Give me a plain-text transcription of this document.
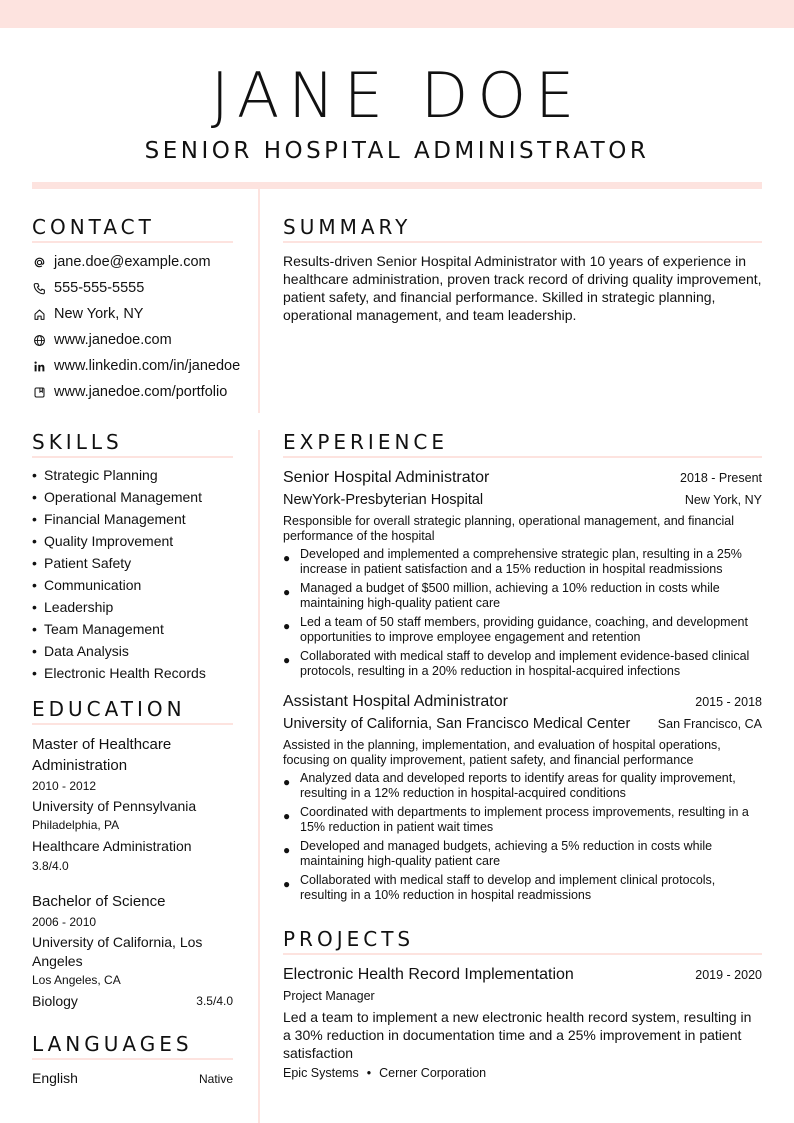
JANE DOE
SENIOR HOSPITAL ADMINISTRATOR
CONTACT
jane.doe@example.com
555-555-5555
New York, NY
www.janedoe.com
www.linkedin.com/in/janedoe
www.janedoe.com/portfolio
SUMMARY
Results-driven Senior Hospital Administrator with 10 years of experience in healthcare administration, proven track record of driving quality improvement, patient safety, and financial performance. Skilled in strategic planning, operational management, and team leadership.
SKILLS
• Strategic Planning
• Operational Management
• Financial Management
• Quality Improvement
• Patient Safety
• Communication
• Leadership
• Team Management
• Data Analysis
• Electronic Health Records
EDUCATION
Master of Healthcare Administration
2010 - 2012
University of Pennsylvania
Philadelphia, PA
Healthcare Administration
3.8/4.0
Bachelor of Science
2006 - 2010
University of California, Los Angeles
Los Angeles, CA
Biology	3.5/4.0
LANGUAGES
English	Native
EXPERIENCE
Senior Hospital Administrator	2018 - Present
NewYork-Presbyterian Hospital	New York, NY
Responsible for overall strategic planning, operational management, and financial performance of the hospital
● Developed and implemented a comprehensive strategic plan, resulting in a 25% increase in patient satisfaction and a 15% reduction in hospital readmissions
● Managed a budget of $500 million, achieving a 10% reduction in costs while maintaining high-quality patient care
● Led a team of 50 staff members, providing guidance, coaching, and development opportunities to improve employee engagement and retention
● Collaborated with medical staff to develop and implement evidence-based clinical protocols, resulting in a 20% reduction in hospital-acquired infections
Assistant Hospital Administrator	2015 - 2018
University of California, San Francisco Medical Center San Francisco, CA
Assisted in the planning, implementation, and evaluation of hospital operations, focusing on quality improvement, patient safety, and financial performance
● Analyzed data and developed reports to identify areas for quality improvement, resulting in a 12% reduction in hospital-acquired conditions
● Coordinated with departments to implement process improvements, resulting in a 15% reduction in patient wait times
● Developed and managed budgets, achieving a 5% reduction in costs while maintaining high-quality patient care
● Collaborated with medical staff to develop and implement clinical protocols, resulting in a 10% reduction in hospital readmissions
PROJECTS
Electronic Health Record Implementation	2019 - 2020
Project Manager
Led a team to implement a new electronic health record system, resulting in a 30% reduction in documentation time and a 25% improvement in patient satisfaction
Epic Systems • Cerner Corporation
